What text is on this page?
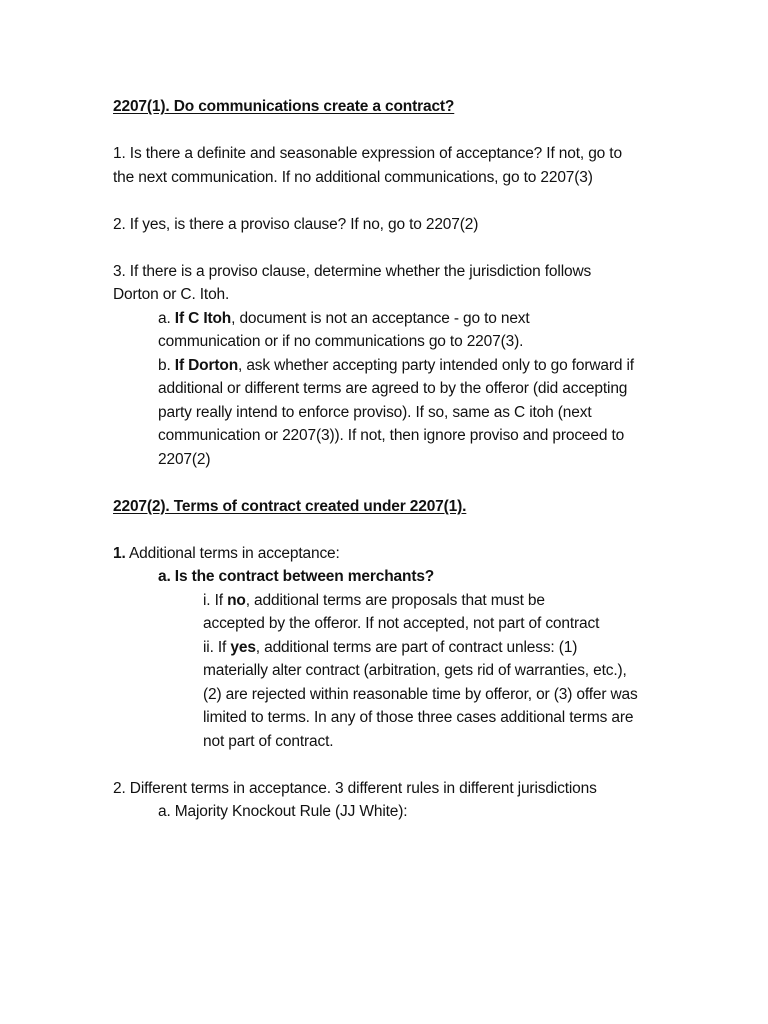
2207(1). Do communications create a contract?

1. Is there a definite and seasonable expression of acceptance? If not, go to the next communication. If no additional communications, go to 2207(3)

2. If yes, is there a proviso clause? If no, go to 2207(2)

3. If there is a proviso clause, determine whether the jurisdiction follows Dorton or C. Itoh.

a. If C Itoh, document is not an acceptance - go to next communication or if no communications go to 2207(3).

b. If Dorton, ask whether accepting party intended only to go forward if additional or different terms are agreed to by the offeror (did accepting party really intend to enforce proviso). If so, same as C itoh (next communication or 2207(3)). If not, then ignore proviso and proceed to 2207(2)

2207(2). Terms of contract created under 2207(1).

1. Additional terms in acceptance:

a. Is the contract between merchants?

i. If no, additional terms are proposals that must be accepted by the offeror. If not accepted, not part of contract

ii. If yes, additional terms are part of contract unless: (1) materially alter contract (arbitration, gets rid of warranties, etc.), (2) are rejected within reasonable time by offeror, or (3) offer was limited to terms. In any of those three cases additional terms are not part of contract.

2. Different terms in acceptance. 3 different rules in different jurisdictions

a. Majority Knockout Rule (JJ White):
